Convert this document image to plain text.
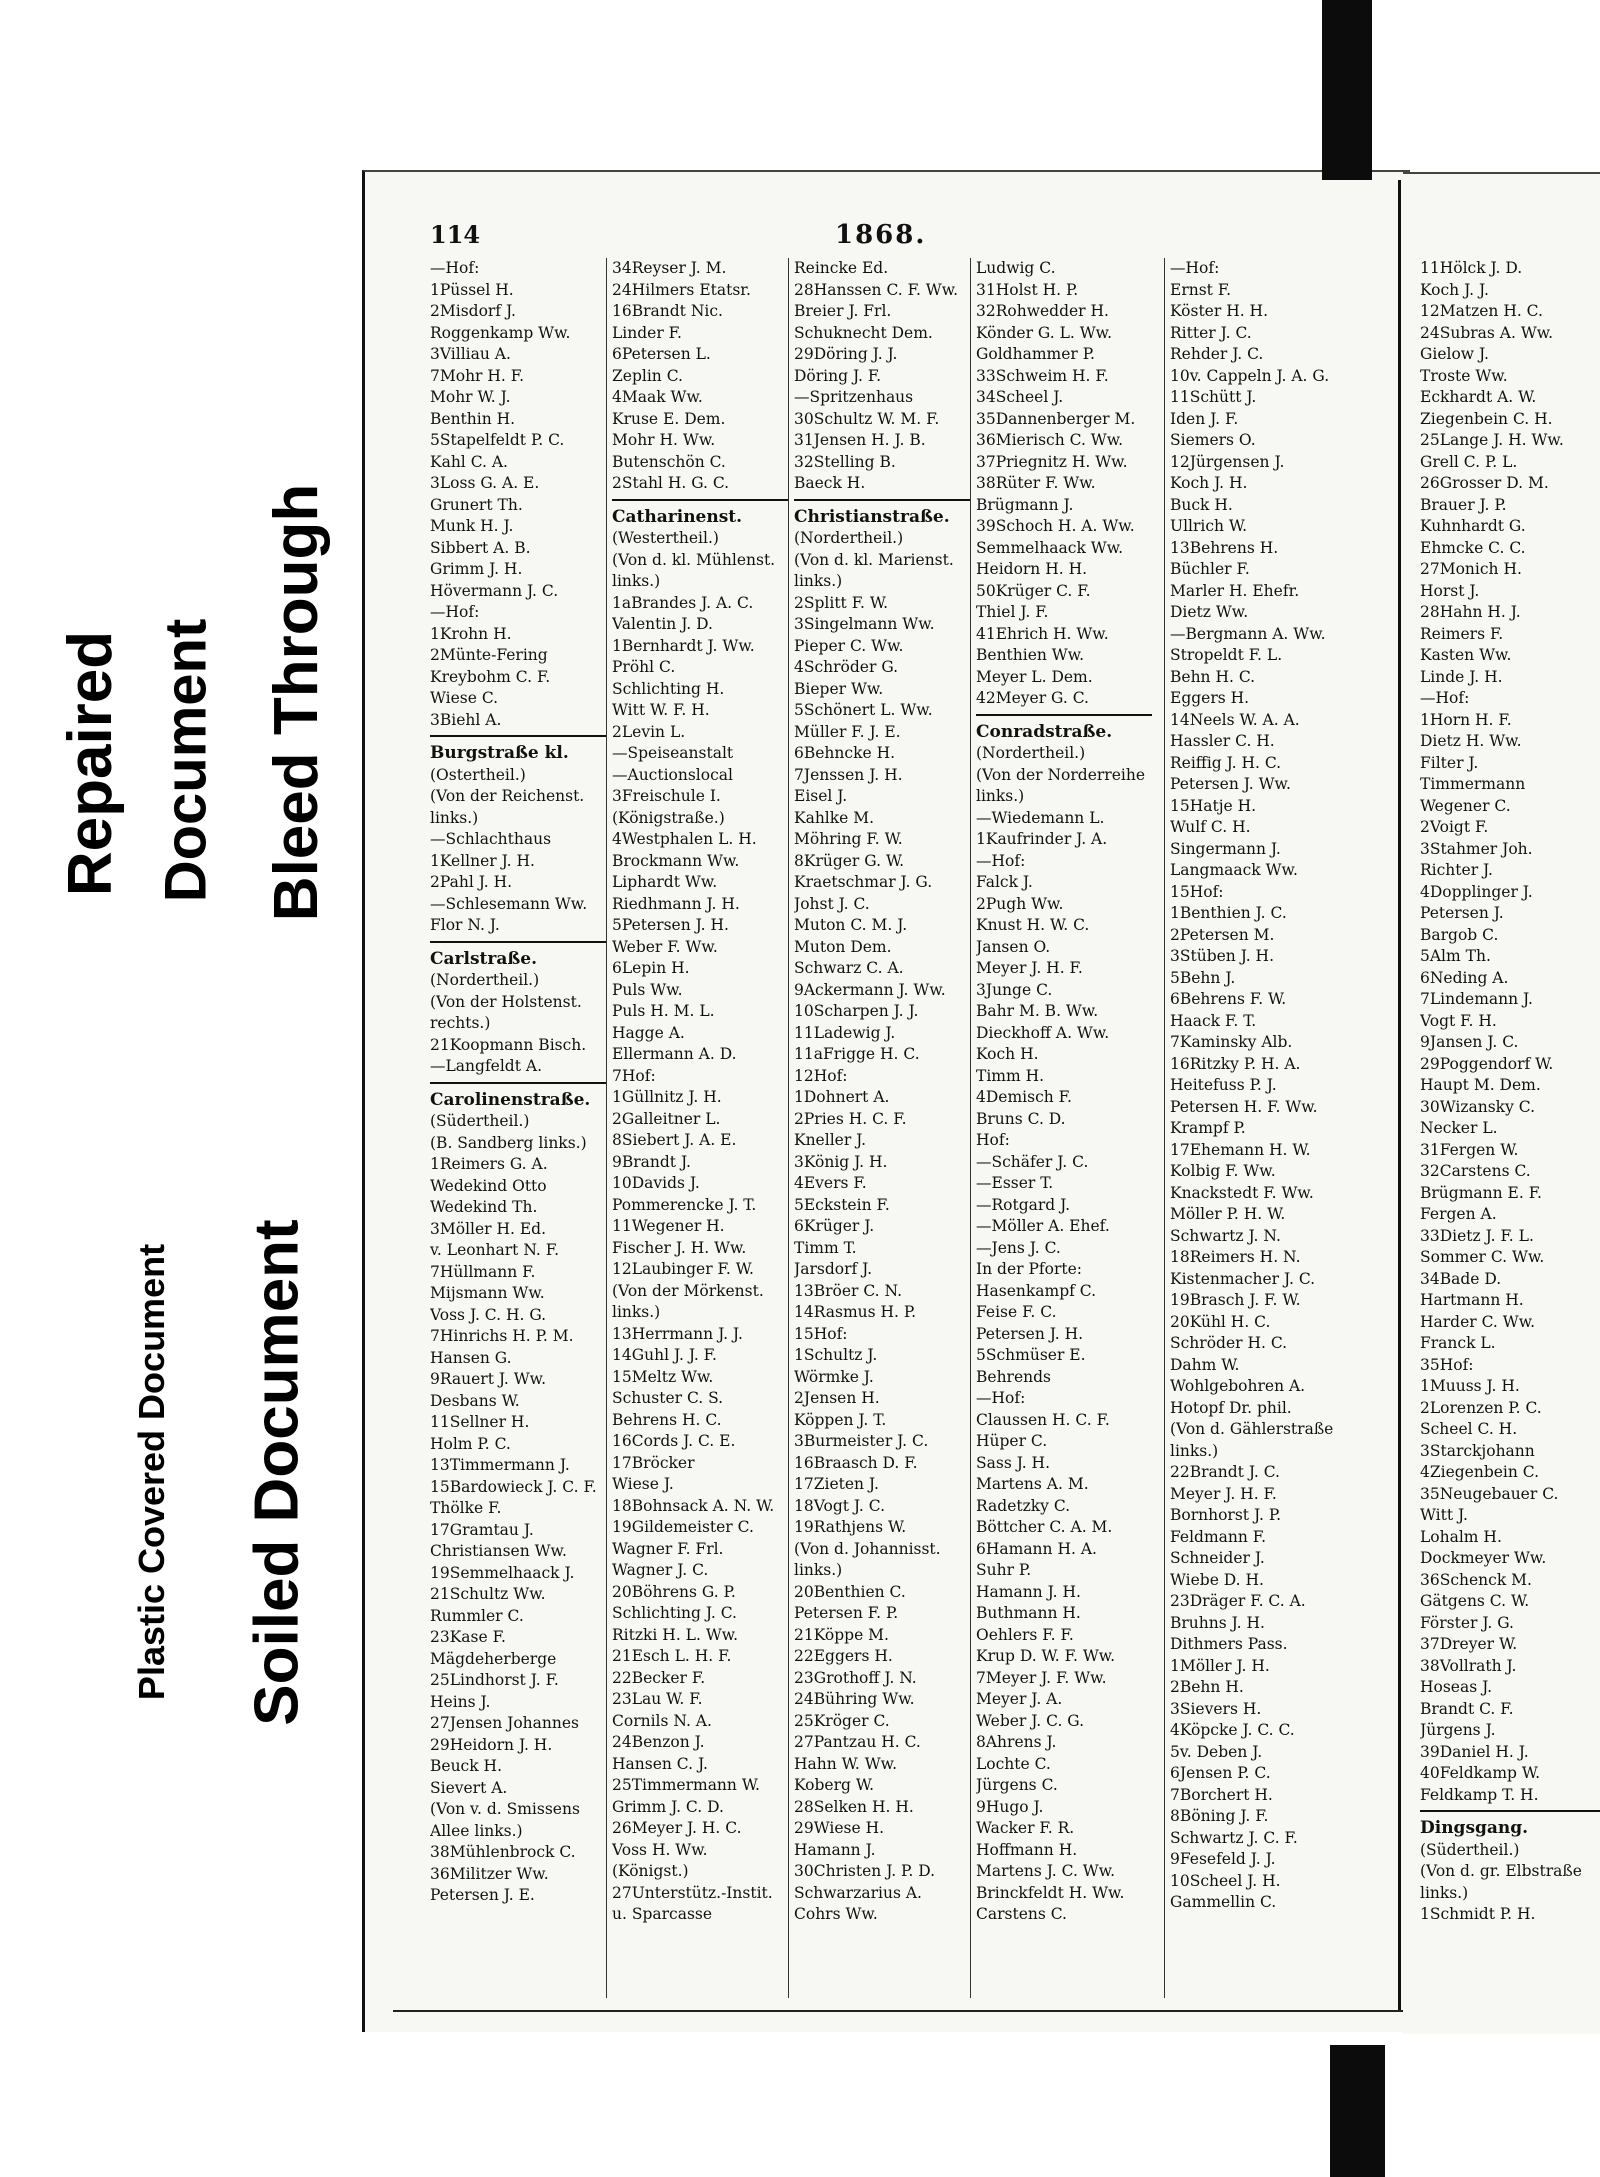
114	1868.
—Hof:
1Püssel H.
2Misdorf J.
Roggenkamp Ww.
3Villiau A.
7Mohr H. F.
Mohr W. J.
Benthin H.
5Stapelfeldt P. C.
Kahl C. A.
3Loss G. A. E.
Grunert Th.
Munk H. J.
Sibbert A. B.
Grimm J. H.
Hövermann J. C.
—Hof:
1Krohn H.
2Münte-Fering
Kreybohm C. F.
Wiese C.
3Biehl A.
Burgstraße kl.
(Ostertheil.)
(Von der Reichenst.
links.)
—Schlachthaus
1Kellner J. H.
2Pahl J. H.
—Schlesemann Ww.
Flor N. J.
Carlstraße.
(Nordertheil.)
(Von der Holstenst.
rechts.)
21Koopmann Bisch.
—Langfeldt A.
Carolinenstraße.
(Südertheil.)
(B. Sandberg links.)
1Reimers G. A.
Wedekind Otto
Wedekind Th.
3Möller H. Ed.
v. Leonhart N. F.
7Hüllmann F.
Mijsmann Ww.
Voss J. C. H. G.
7Hinrichs H. P. M.
Hansen G.
9Rauert J. Ww.
Desbans W.
11Sellner H.
Holm P. C.
13Timmermann J.
15Bardowieck J. C. F.
Thölke F.
17Gramtau J.
Christiansen Ww.
19Semmelhaack J.
21Schultz Ww.
Rummler C.
23Kase F.
Mägdeherberge
25Lindhorst J. F.
Heins J.
27Jensen Johannes
29Heidorn J. H.
Beuck H.
Sievert A.
(Von v. d. Smissens
Allee links.)
38Mühlenbrock C.
36Militzer Ww.
Petersen J. E.
34Reyser J. M.
24Hilmers Etatsr.
16Brandt Nic.
Linder F.
6Petersen L.
Zeplin C.
4Maak Ww.
Kruse E. Dem.
Mohr H. Ww.
Butenschön C.
2Stahl H. G. C.
Catharinenst.
(Westertheil.)
(Von d. kl. Mühlenst.
links.)
1aBrandes J. A. C.
Valentin J. D.
1Bernhardt J. Ww.
Pröhl C.
Schlichting H.
Witt W. F. H.
2Levin L.
—Speiseanstalt
—Auctionslocal
3Freischule I.
(Königstraße.)
4Westphalen L. H.
Brockmann Ww.
Liphardt Ww.
Riedhmann J. H.
5Petersen J. H.
Weber F. Ww.
6Lepin H.
Puls Ww.
Puls H. M. L.
Hagge A.
Ellermann A. D.
7Hof:
1Güllnitz J. H.
2Galleitner L.
8Siebert J. A. E.
9Brandt J.
10Davids J.
Pommerencke J. T.
11Wegener H.
Fischer J. H. Ww.
12Laubinger F. W.
(Von der Mörkenst.
links.)
13Herrmann J. J.
14Guhl J. J. F.
15Meltz Ww.
Schuster C. S.
Behrens H. C.
16Cords J. C. E.
17Bröcker
Wiese J.
18Bohnsack A. N. W.
19Gildemeister C.
Wagner F. Frl.
Wagner J. C.
20Böhrens G. P.
Schlichting J. C.
Ritzki H. L. Ww.
21Esch L. H. F.
22Becker F.
23Lau W. F.
Cornils N. A.
24Benzon J.
Hansen C. J.
25Timmermann W.
Grimm J. C. D.
26Meyer J. H. C.
Voss H. Ww.
(Königst.)
27Unterstütz.-Instit.
u. Sparcasse
Reincke Ed.
28Hanssen C. F. Ww.
Breier J. Frl.
Schuknecht Dem.
29Döring J. J.
Döring J. F.
—Spritzenhaus
30Schultz W. M. F.
31Jensen H. J. B.
32Stelling B.
Baeck H.
Christianstraße.
(Nordertheil.)
(Von d. kl. Marienst.
links.)
2Splitt F. W.
3Singelmann Ww.
Pieper C. Ww.
4Schröder G.
Bieper Ww.
5Schönert L. Ww.
Müller F. J. E.
6Behncke H.
7Jenssen J. H.
Eisel J.
Kahlke M.
Möhring F. W.
8Krüger G. W.
Kraetschmar J. G.
Johst J. C.
Muton C. M. J.
Muton Dem.
Schwarz C. A.
9Ackermann J. Ww.
10Scharpen J. J.
11Ladewig J.
11aFrigge H. C.
12Hof:
1Dohnert A.
2Pries H. C. F.
Kneller J.
3König J. H.
4Evers F.
5Eckstein F.
6Krüger J.
Timm T.
Jarsdorf J.
13Bröer C. N.
14Rasmus H. P.
15Hof:
1Schultz J.
Wörmke J.
2Jensen H.
Köppen J. T.
3Burmeister J. C.
16Braasch D. F.
17Zieten J.
18Vogt J. C.
19Rathjens W.
(Von d. Johannisst.
links.)
20Benthien C.
Petersen F. P.
21Köppe M.
22Eggers H.
23Grothoff J. N.
24Bühring Ww.
25Kröger C.
27Pantzau H. C.
Hahn W. Ww.
Koberg W.
28Selken H. H.
29Wiese H.
Hamann J.
30Christen J. P. D.
Schwarzarius A.
Cohrs Ww.
Ludwig C.
31Holst H. P.
32Rohwedder H.
Könder G. L. Ww.
Goldhammer P.
33Schweim H. F.
34Scheel J.
35Dannenberger M.
36Mierisch C. Ww.
37Priegnitz H. Ww.
38Rüter F. Ww.
Brügmann J.
39Schoch H. A. Ww.
Semmelhaack Ww.
Heidorn H. H.
50Krüger C. F.
Thiel J. F.
41Ehrich H. Ww.
Benthien Ww.
Meyer L. Dem.
42Meyer G. C.
Conradstraße.
(Nordertheil.)
(Von der Norderreihe
links.)
—Wiedemann L.
1Kaufrinder J. A.
—Hof:
Falck J.
2Pugh Ww.
Knust H. W. C.
Jansen O.
Meyer J. H. F.
3Junge C.
Bahr M. B. Ww.
Dieckhoff A. Ww.
Koch H.
Timm H.
4Demisch F.
Bruns C. D.
Hof:
—Schäfer J. C.
—Esser T.
—Rotgard J.
—Möller A. Ehef.
—Jens J. C.
In der Pforte:
Hasenkampf C.
Feise F. C.
Petersen J. H.
5Schmüser E.
Behrends
—Hof:
Claussen H. C. F.
Hüper C.
Sass J. H.
Martens A. M.
Radetzky C.
Böttcher C. A. M.
6Hamann H. A.
Suhr P.
Hamann J. H.
Buthmann H.
Oehlers F. F.
Krup D. W. F. Ww.
7Meyer J. F. Ww.
Meyer J. A.
Weber J. C. G.
8Ahrens J.
Lochte C.
Jürgens C.
9Hugo J.
Wacker F. R.
Hoffmann H.
Martens J. C. Ww.
Brinckfeldt H. Ww.
Carstens C.
—Hof:
Ernst F.
Köster H. H.
Ritter J. C.
Rehder J. C.
10v. Cappeln J. A. G.
11Schütt J.
Iden J. F.
Siemers O.
12Jürgensen J.
Koch J. H.
Buck H.
Ullrich W.
13Behrens H.
Büchler F.
Marler H. Ehefr.
Dietz Ww.
—Bergmann A. Ww.
Stropeldt F. L.
Behn H. C.
Eggers H.
14Neels W. A. A.
Hassler C. H.
Reiffig J. H. C.
Petersen J. Ww.
15Hatje H.
Wulf C. H.
Singermann J.
Langmaack Ww.
15Hof:
1Benthien J. C.
2Petersen M.
3Stüben J. H.
5Behn J.
6Behrens F. W.
Haack F. T.
7Kaminsky Alb.
16Ritzky P. H. A.
Heitefuss P. J.
Petersen H. F. Ww.
Krampf P.
17Ehemann H. W.
Kolbig F. Ww.
Knackstedt F. Ww.
Möller P. H. W.
Schwartz J. N.
18Reimers H. N.
Kistenmacher J. C.
19Brasch J. F. W.
20Kühl H. C.
Schröder H. C.
Dahm W.
Wohlgebohren A.
Hotopf Dr. phil.
(Von d. Gählerstraße
links.)
22Brandt J. C.
Meyer J. H. F.
Bornhorst J. P.
Feldmann F.
Schneider J.
Wiebe D. H.
23Dräger F. C. A.
Bruhns J. H.
Dithmers Pass.
1Möller J. H.
2Behn H.
3Sievers H.
4Köpcke J. C. C.
5v. Deben J.
6Jensen P. C.
7Borchert H.
8Böning J. F.
Schwartz J. C. F.
9Fesefeld J. J.
10Scheel J. H.
Gammellin C.
11Hölck J. D.
Koch J. J.
12Matzen H. C.
24Subras A. Ww.
Gielow J.
Troste Ww.
Eckhardt A. W.
Ziegenbein C. H.
25Lange J. H. Ww.
Grell C. P. L.
26Grosser D. M.
Brauer J. P.
Kuhnhardt G.
Ehmcke C. C.
27Monich H.
Horst J.
28Hahn H. J.
Reimers F.
Kasten Ww.
Linde J. H.
—Hof:
1Horn H. F.
Dietz H. Ww.
Filter J.
Timmermann
Wegener C.
2Voigt F.
3Stahmer Joh.
Richter J.
4Dopplinger J.
Petersen J.
Bargob C.
5Alm Th.
6Neding A.
7Lindemann J.
Vogt F. H.
9Jansen J. C.
29Poggendorf W.
Haupt M. Dem.
30Wizansky C.
Necker L.
31Fergen W.
32Carstens C.
Brügmann E. F.
Fergen A.
33Dietz J. F. L.
Sommer C. Ww.
34Bade D.
Hartmann H.
Harder C. Ww.
Franck L.
35Hof:
1Muuss J. H.
2Lorenzen P. C.
Scheel C. H.
3Starckjohann
4Ziegenbein C.
35Neugebauer C.
Witt J.
Lohalm H.
Dockmeyer Ww.
36Schenck M.
Gätgens C. W.
Förster J. G.
37Dreyer W.
38Vollrath J.
Hoseas J.
Brandt C. F.
Jürgens J.
39Daniel H. J.
40Feldkamp W.
Feldkamp T. H.
Dingsgang.
(Südertheil.)
(Von d. gr. Elbstraße
links.)
1Schmidt P. H.
Repaired Document Bleed Through
Plastic Covered Document Soiled Document
